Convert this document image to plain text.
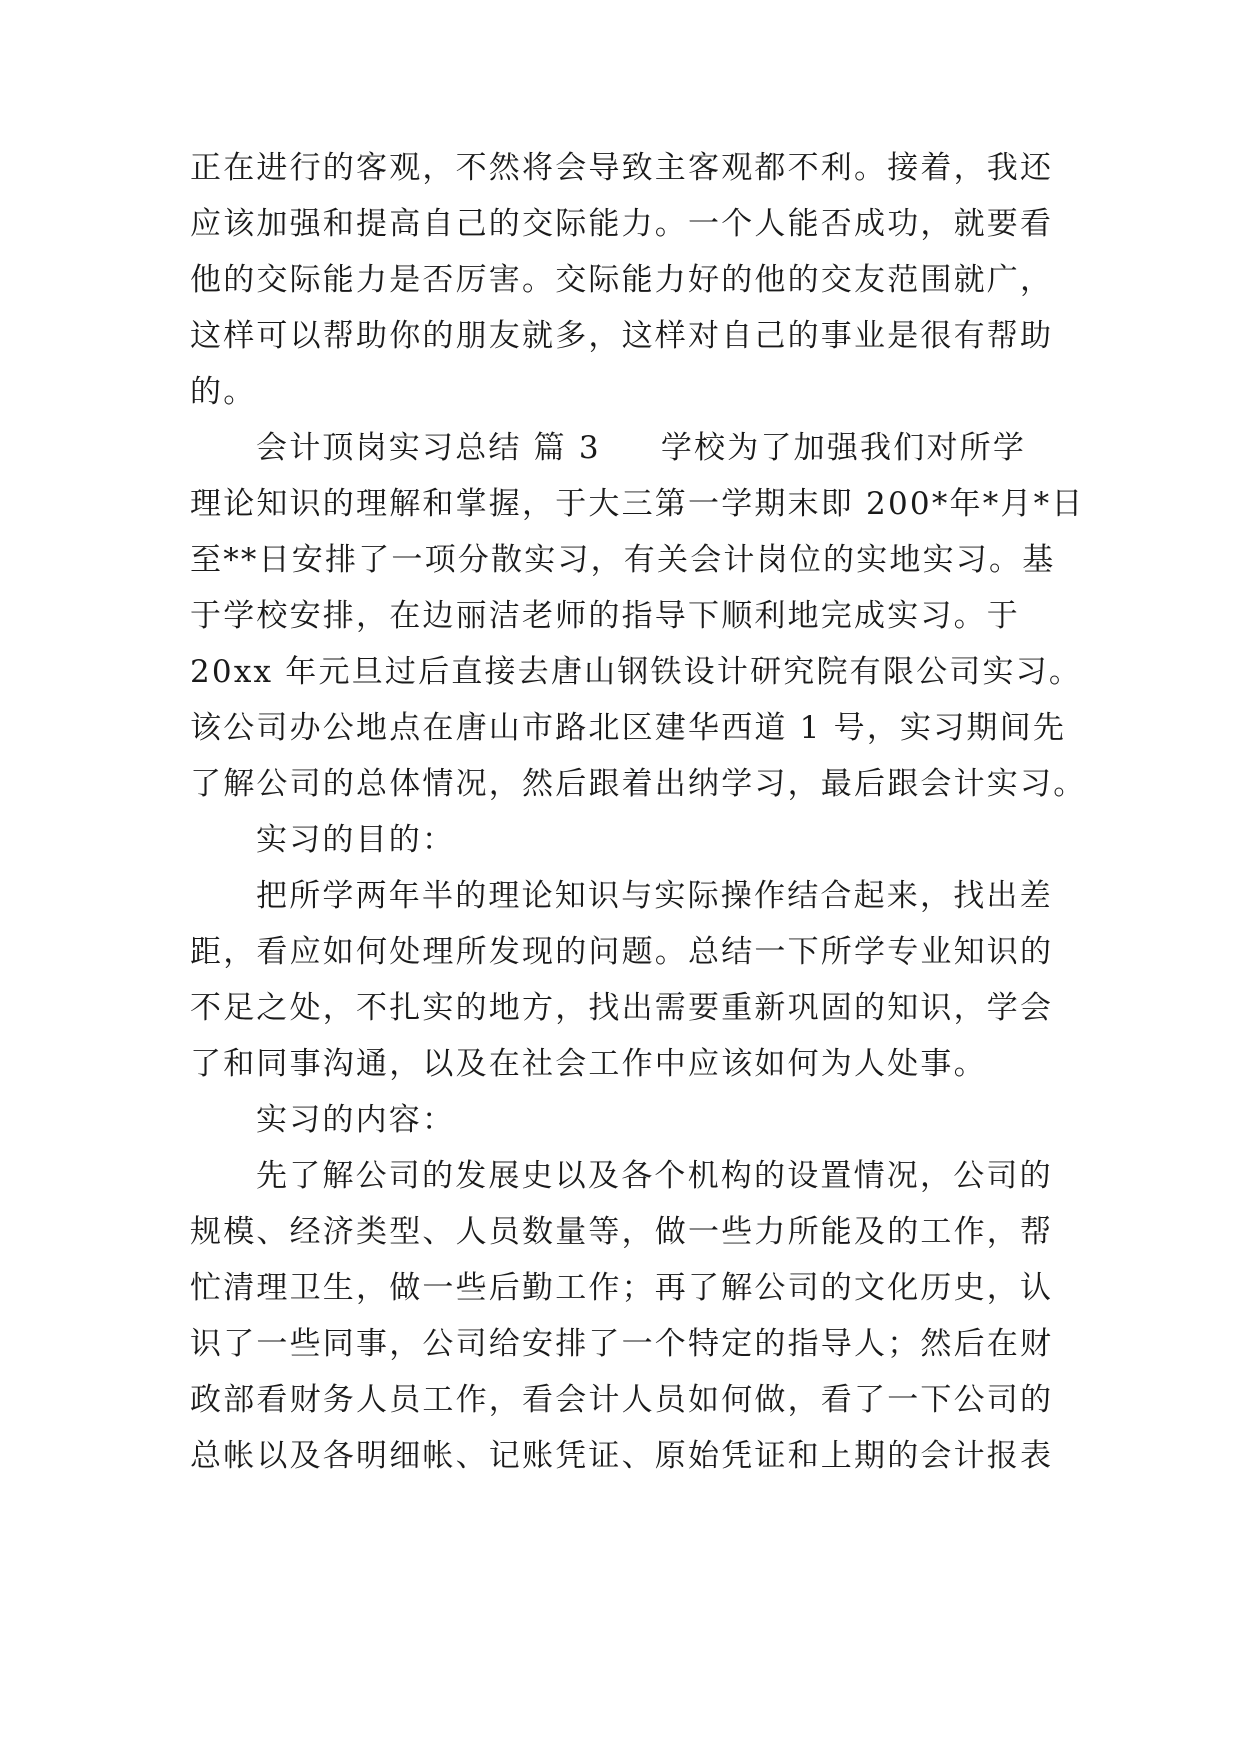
正在进行的客观，不然将会导致主客观都不利。接着，我还

应该加强和提高自己的交际能力。一个人能否成功，就要看

他的交际能力是否厉害。交际能力好的他的交友范围就广，

这样可以帮助你的朋友就多，这样对自己的事业是很有帮助

的。

会计顶岗实习总结 篇 3 学校为了加强我们对所学

理论知识的理解和掌握，于大三第一学期末即 200*年*月*日

至**日安排了一项分散实习，有关会计岗位的实地实习。基

于学校安排，在边丽洁老师的指导下顺利地完成实习。于

20xx 年元旦过后直接去唐山钢铁设计研究院有限公司实习。

该公司办公地点在唐山市路北区建华西道 1 号，实习期间先

了解公司的总体情况，然后跟着出纳学习，最后跟会计实习。

实习的目的：

把所学两年半的理论知识与实际操作结合起来，找出差

距，看应如何处理所发现的问题。总结一下所学专业知识的

不足之处，不扎实的地方，找出需要重新巩固的知识，学会

了和同事沟通，以及在社会工作中应该如何为人处事。

实习的内容：

先了解公司的发展史以及各个机构的设置情况，公司的

规模、经济类型、人员数量等，做一些力所能及的工作，帮

忙清理卫生，做一些后勤工作；再了解公司的文化历史，认

识了一些同事，公司给安排了一个特定的指导人；然后在财

政部看财务人员工作，看会计人员如何做，看了一下公司的

总帐以及各明细帐、记账凭证、原始凭证和上期的会计报表
